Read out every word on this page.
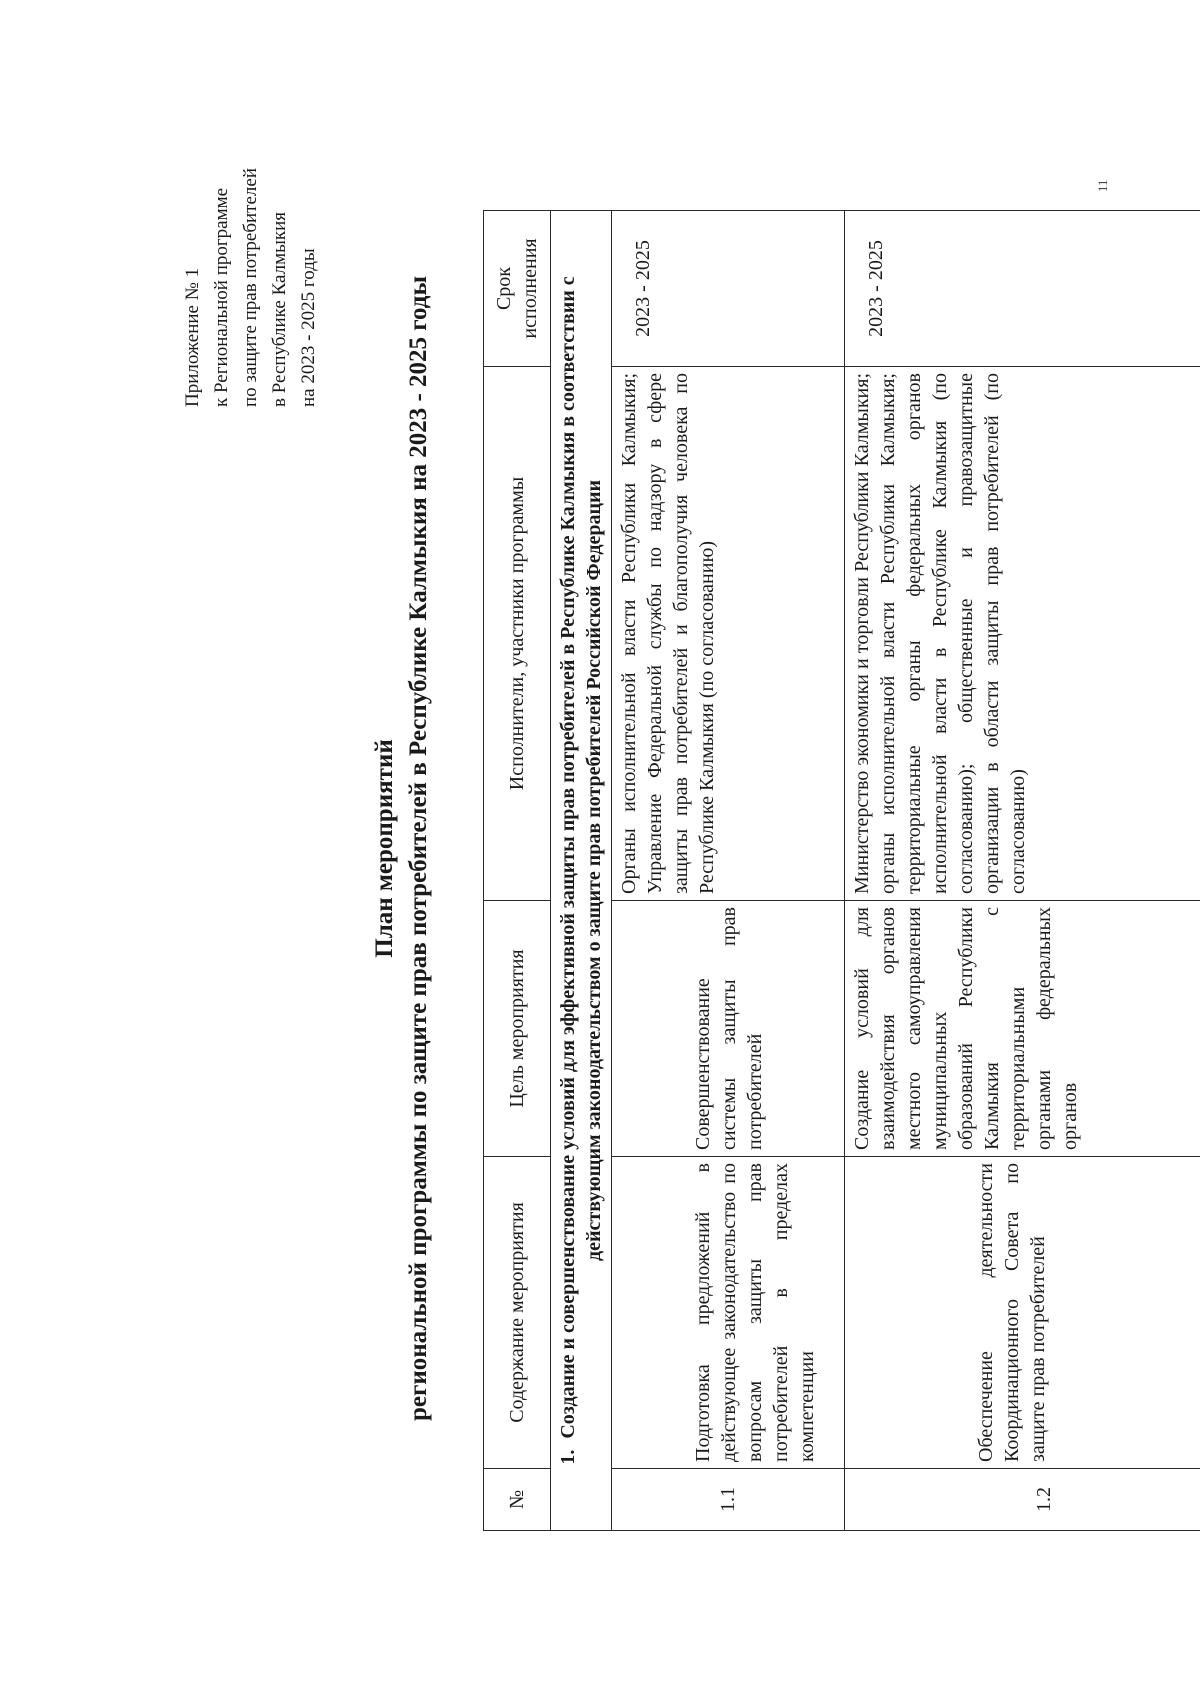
Приложение № 1 к Региональной программе по защите прав потребителей в Республике Калмыкия на 2023 - 2025 годы
11
План мероприятий региональной программы по защите прав потребителей в Республике Калмыкия на 2023 - 2025 годы
№	Содержание мероприятия	Цель мероприятия	Исполнители, участники программы	Срок исполнения
1. Создание и совершенствование условий для эффективной защиты прав потребителей в Республике Калмыкия в соответствии с действующим законодательством о защите прав потребителей Российской Федерации				
1.1	Подготовка предложений в действующее законодательство по вопросам защиты прав потребителей в пределах компетенции	Совершенствование системы защиты прав потребителей	Органы исполнительной власти Республики Калмыкия; Управление Федеральной службы по надзору в сфере защиты прав потребителей и благополучия человека по Республике Калмыкия (по согласованию)	2023 - 2025
1.2	Обеспечение деятельности Координационного Совета по защите прав потребителей	Создание условий для взаимодействия органов местного самоуправления муниципальных образований Республики Калмыкия с территориальными органами федеральных органов	Министерство экономики и торговли Республики Калмыкия; органы исполнительной власти Республики Калмыкия; территориальные органы федеральных органов исполнительной власти в Республике Калмыкия (по согласованию); общественные и правозащитные организации в области защиты прав потребителей (по согласованию)	2023 - 2025
